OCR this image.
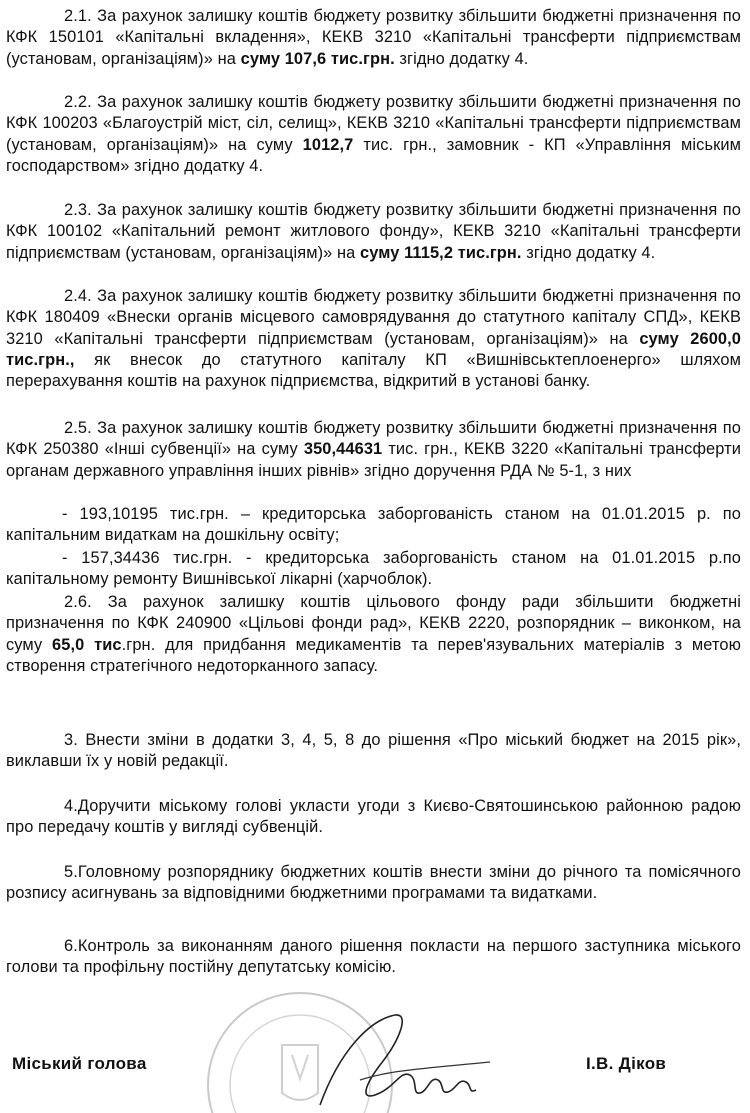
2.1. За рахунок залишку коштів бюджету розвитку збільшити бюджетні призначення по КФК 150101 «Капітальні вкладення», КЕКВ 3210 «Капітальні трансферти підприємствам (установам, організаціям)» на суму 107,6 тис.грн. згідно додатку 4.

2.2. За рахунок залишку коштів бюджету розвитку збільшити бюджетні призначення по КФК 100203 «Благоустрій міст, сіл, селищ», КЕКВ 3210 «Капітальні трансферти підприємствам (установам, організаціям)» на суму 1012,7 тис. грн., замовник - КП «Управління міським господарством» згідно додатку 4.

2.3. За рахунок залишку коштів бюджету розвитку збільшити бюджетні призначення по КФК 100102 «Капітальний ремонт житлового фонду», КЕКВ 3210 «Капітальні трансферти підприємствам (установам, організаціям)» на суму 1115,2 тис.грн. згідно додатку 4.

2.4. За рахунок залишку коштів бюджету розвитку збільшити бюджетні призначення по КФК 180409 «Внески органів місцевого самоврядування до статутного капіталу СПД», КЕКВ 3210 «Капітальні трансферти підприємствам (установам, організаціям)» на суму 2600,0 тис.грн., як внесок до статутного капіталу КП «Вишнівськтеплоенерго» шляхом перерахування коштів на рахунок підприємства, відкритий в установі банку.

2.5. За рахунок залишку коштів бюджету розвитку збільшити бюджетні призначення по КФК 250380 «Інші субвенції» на суму 350,44631 тис. грн., КЕКВ 3220 «Капітальні трансферти органам державного управління інших рівнів» згідно доручення РДА № 5-1, з них

- 193,10195 тис.грн. – кредиторська заборгованість станом на 01.01.2015 р. по капітальним видаткам на дошкільну освіту;

- 157,34436 тис.грн. - кредиторська заборгованість станом на 01.01.2015 р.по капітальному ремонту Вишнівської лікарні (харчоблок).

2.6. За рахунок залишку коштів цільового фонду ради збільшити бюджетні призначення по КФК 240900 «Цільові фонди рад», КЕКВ 2220, розпорядник – виконком, на суму 65,0 тис.грн. для придбання медикаментів та перев'язувальних матеріалів з метою створення стратегічного недоторканного запасу.

3. Внести зміни в додатки 3, 4, 5, 8 до рішення «Про міський бюджет на 2015 рік», виклавши їх у новій редакції.

4.Доручити міському голові укласти угоди з Києво-Святошинською районною радою про передачу коштів у вигляді субвенцій.

5.Головному розпоряднику бюджетних коштів внести зміни до річного та помісячного розпису асигнувань за відповідними бюджетними програмами та видатками.

6.Контроль за виконанням даного рішення покласти на першого заступника міського голови та профільну постійну депутатську комісію.

Міський голова	І.В. Діков
